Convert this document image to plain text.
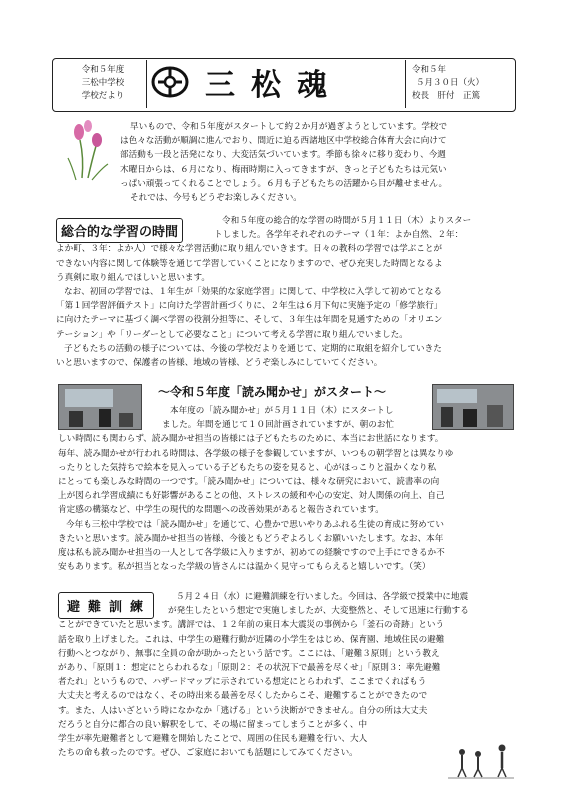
令和５年度
三松中学校
学校だより	三松魂	令和５年
５月３０日（火）
校長　肝付　正篤
早いもので、令和５年度がスタートして約２か月が過ぎようとしています。学校で
は色々な活動が順調に進んでおり、間近に迫る西諸地区中学校総合体育大会に向けて
部活動も一段と活発になり、大変活気づいています。季節も徐々に移り変わり、今週
木曜日からは、６月になり、梅雨時期に入ってきますが、きっと子どもたちは元気い
っぱい頑張ってくれることでしょう。６月も子どもたちの活躍から目が離せません。
それでは、今号もどうぞお楽しみください。
総合的な学習の時間
令和５年度の総合的な学習の時間が５月１１日（木）よりスター
トしました。各学年それぞれのテーマ（１年：よか自然、２年：
よか町、３年：よか人）で様々な学習活動に取り組んでいきます。日々の教科の学習では学ぶことが
できない内容に関して体験等を通じて学習していくことになりますので、ぜひ充実した時間となるよ
う真剣に取り組んでほしいと思います。
なお、初回の学習では、１年生が「効果的な家庭学習」に関して、中学校に入学して初めてとなる
「第１回学習評価テスト」に向けた学習計画づくりに、２年生は６月下旬に実施予定の「修学旅行」
に向けたテーマに基づく調べ学習の役割分担等に、そして、３年生は年間を見通すための「オリエン
テーション」や「リーダーとして必要なこと」について考える学習に取り組んでいました。
子どもたちの活動の様子については、今後の学校だよりを通じて、定期的に取組を紹介していきた
いと思いますので、保護者の皆様、地域の皆様、どうぞ楽しみにしていてください。
～令和５年度「読み聞かせ」がスタート～
本年度の「読み聞かせ」が５月１１日（木）にスタートし
ました。年間を通じて１０回計画されていますが、朝のお忙
しい時間にも関わらず、読み聞かせ担当の皆様には子どもたちのために、本当にお世話になります。
毎年、読み聞かせが行われる時間は、各学級の様子を参観していますが、いつもの朝学習とは異なりゆ
ったりとした気持ちで絵本を見入っている子どもたちの姿を見ると、心がほっこりと温かくなり私
にとっても楽しみな時間の一つです。「読み聞かせ」については、様々な研究において、読書率の向
上が図られ学習成績にも好影響があることの他、ストレスの緩和や心の安定、対人関係の向上、自己
肯定感の構築など、中学生の現代的な問題への改善効果があると報告されています。
今年も三松中学校では「読み聞かせ」を通じて、心豊かで思いやりあふれる生徒の育成に努めてい
きたいと思います。読み聞かせ担当の皆様、今後ともどうぞよろしくお願いいたします。なお、本年
度は私も読み聞かせ担当の一人として各学級に入りますが、初めての経験ですので上手にできるか不
安もあります。私が担当となった学級の皆さんには温かく見守ってもらえると嬉しいです。（笑）
避難訓練
５月２４日（水）に避難訓練を行いました。今回は、各学級で授業中に地震
が発生したという想定で実施しましたが、大変整然と、そして迅速に行動する
ことができていたと思います。講評では、１２年前の東日本大震災の事例から「釜石の奇跡」という
話を取り上げました。これは、中学生の避難行動が近隣の小学生をはじめ、保育園、地域住民の避難
行動へとつながり、無事に全員の命が助かったという話です。ここには、「避難３原則」という教え
があり、「原則１：想定にとらわれるな」「原則２：その状況下で最善を尽くせ」「原則３：率先避難
者たれ」というもので、ハザードマップに示されている想定にとらわれず、ここまでくればもう
大丈夫と考えるのではなく、その時出来る最善を尽くしたからこそ、避難することができたので
す。また、人はいざという時になかなか「逃げる」という決断ができません。自分の所は大丈夫
だろうと自分に都合の良い解釈をして、その場に留まってしまうことが多く、中
学生が率先避難者として避難を開始したことで、周囲の住民も避難を行い、大人
たちの命も救ったのです。ぜひ、ご家庭においても話題にしてみてください。
